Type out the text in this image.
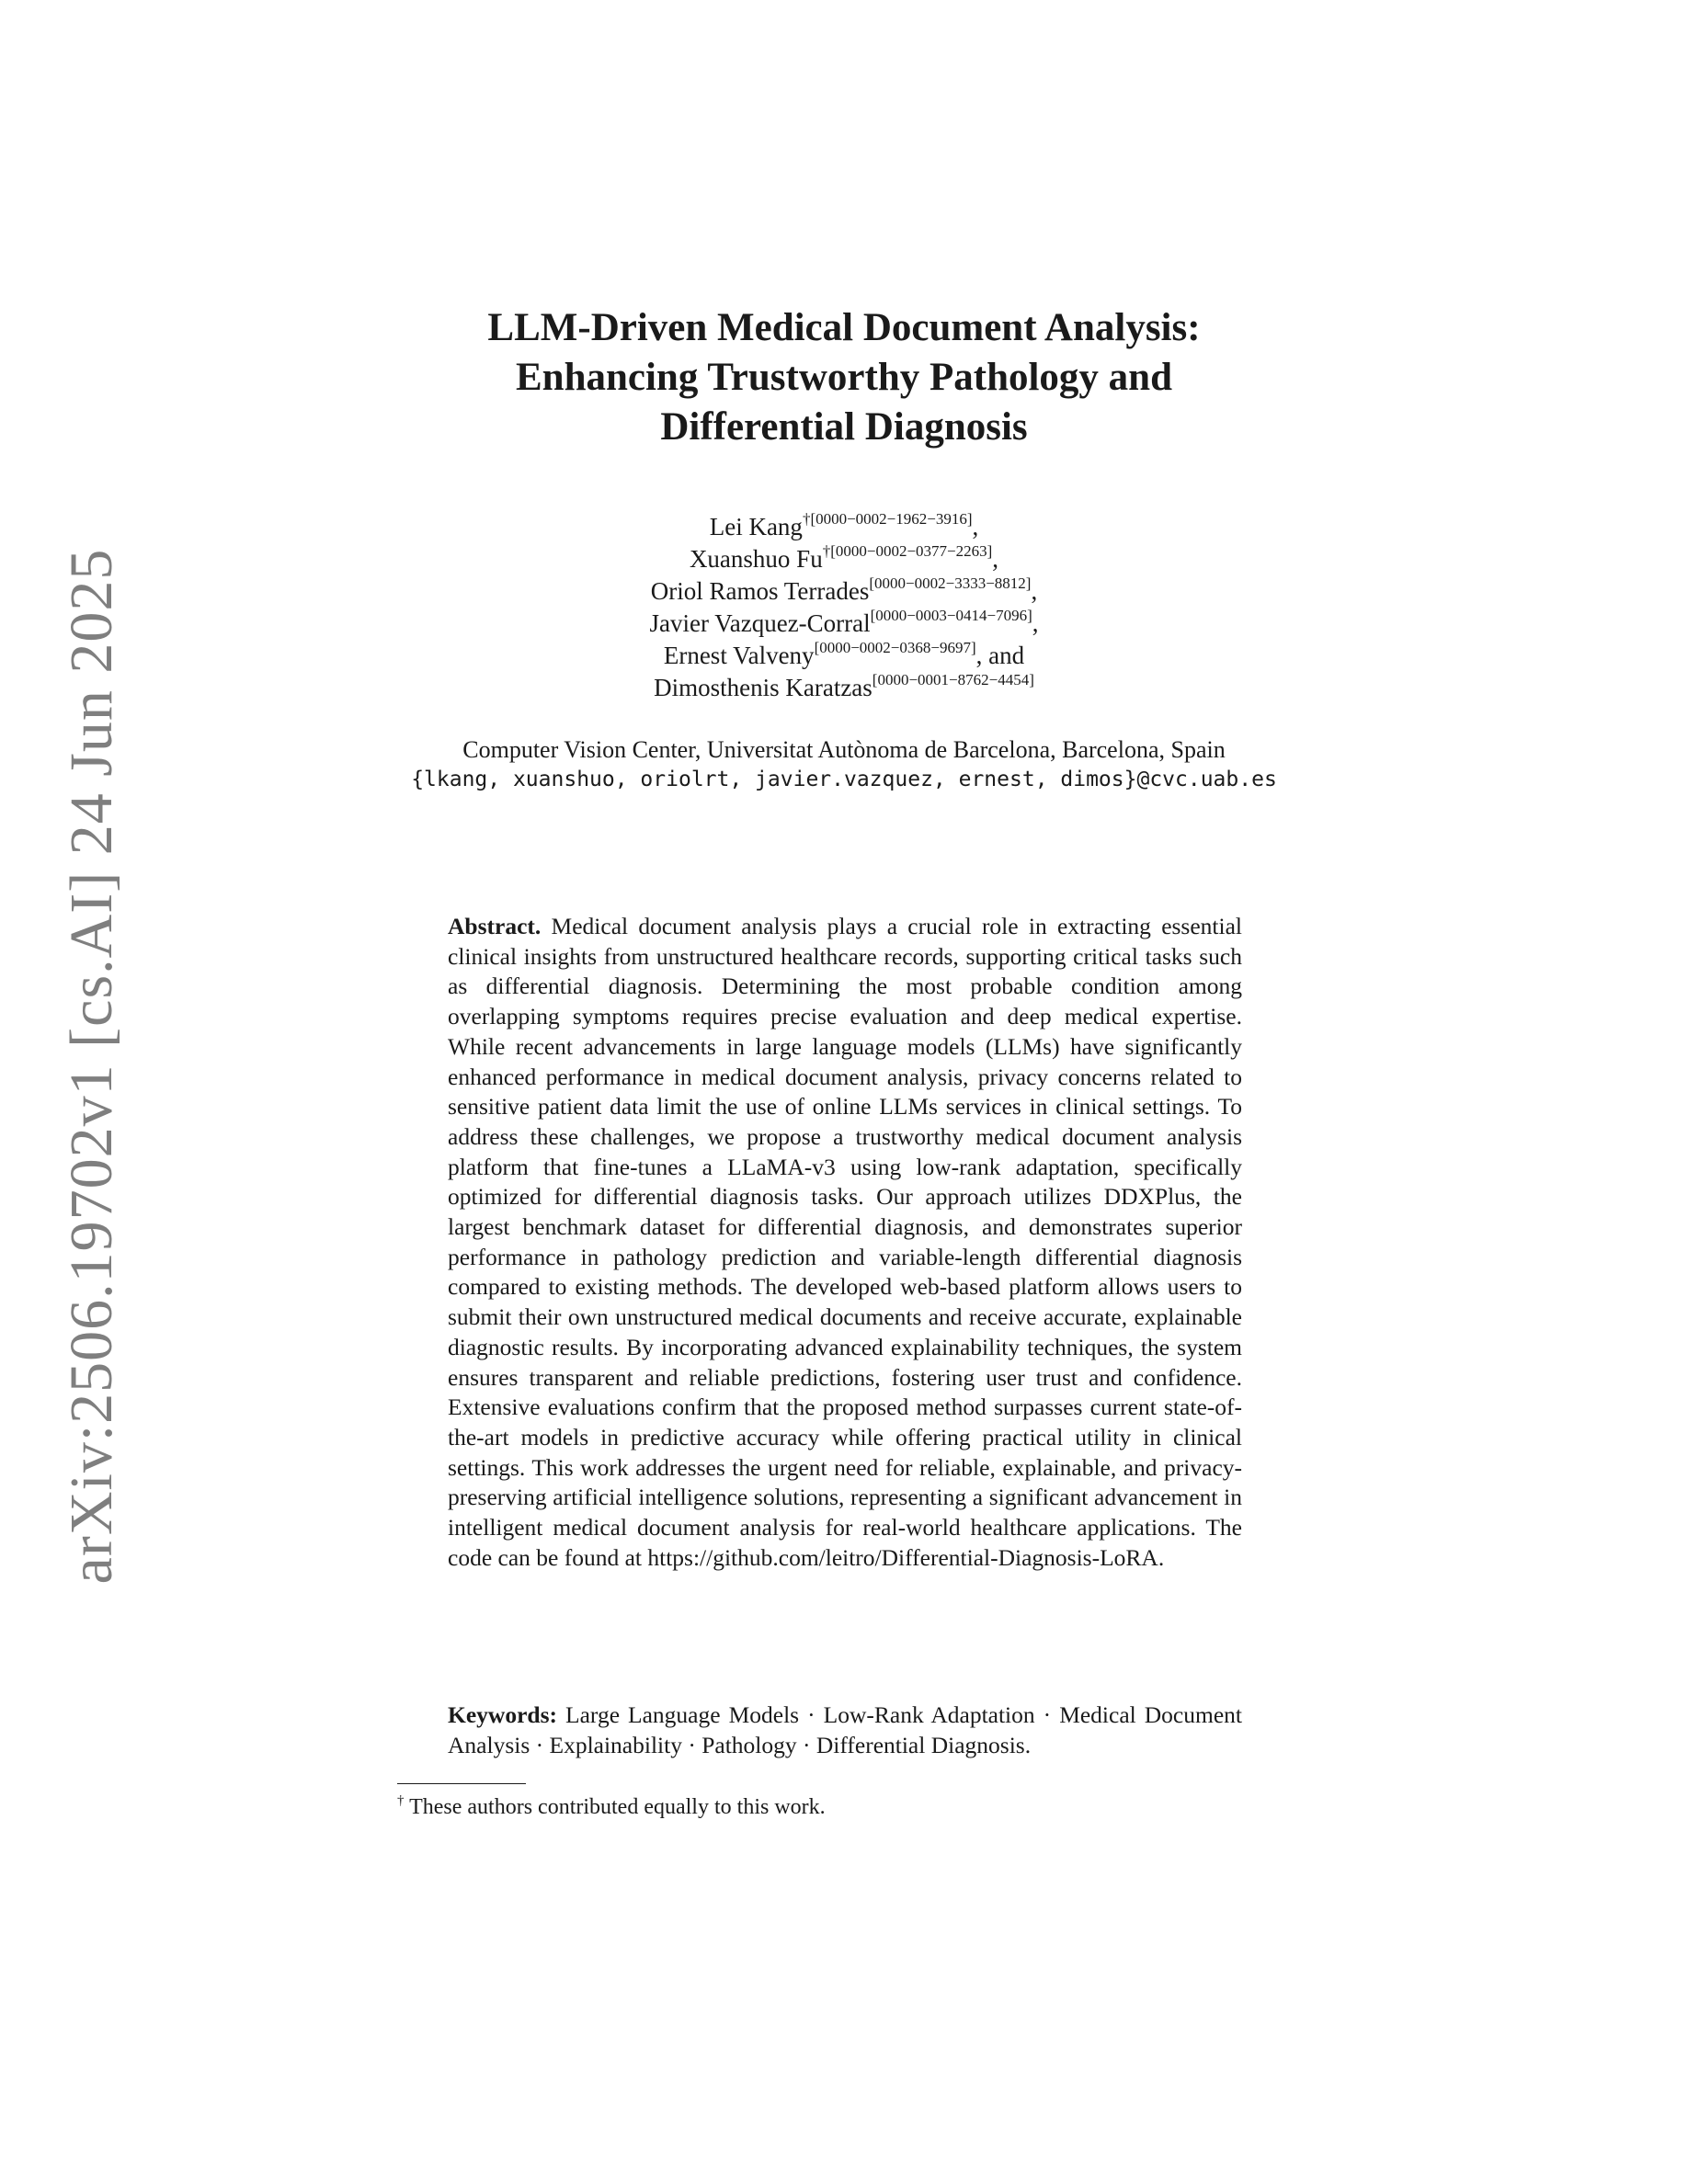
arXiv:2506.19702v1 [cs.AI] 24 Jun 2025
LLM-Driven Medical Document Analysis:
Enhancing Trustworthy Pathology and
Differential Diagnosis
Lei Kang$^{\dagger[0000-0002-1962-3916]}$,
Xuanshuo $Fu^{\dagger[0000-0002-0377-2263]}$,
Oriol Ramos Terrades[0000−0002−3333−8812],
Javier Vazquez-Corral[0000−0003−0414−7096],
Ernest Valveny[0000−0002−0368−9697], and
Dimosthenis Karatzas[0000−0001−8762−4454]
Computer Vision Center, Universitat Autònoma de Barcelona, Barcelona, Spain
{lkang, xuanshuo, oriolrt, javier.vazquez, ernest, dimos}@cvc.uab.es
Abstract. Medical document analysis plays a crucial role in extracting essential clinical insights from unstructured healthcare records, supporting critical tasks such as differential diagnosis. Determining the most probable condition among overlapping symptoms requires precise evaluation and deep medical expertise. While recent advancements in large language models (LLMs) have significantly enhanced performance in medical document analysis, privacy concerns related to sensitive patient data limit the use of online LLMs services in clinical settings. To address these challenges, we propose a trustworthy medical document analysis platform that fine-tunes a LLaMA-v3 using low-rank adaptation, specifically optimized for differential diagnosis tasks. Our approach utilizes DDXPlus, the largest benchmark dataset for differential diagnosis, and demonstrates superior performance in pathology prediction and variable-length differential diagnosis compared to existing methods. The developed web-based platform allows users to submit their own unstructured medical documents and receive accurate, explainable diagnostic results. By incorporating advanced explainability techniques, the system ensures transparent and reliable predictions, fostering user trust and confidence. Extensive evaluations confirm that the proposed method surpasses current state-of-the-art models in predictive accuracy while offering practical utility in clinical settings. This work addresses the urgent need for reliable, explainable, and privacy-preserving artificial intelligence solutions, representing a significant advancement in intelligent medical document analysis for real-world healthcare applications. The code can be found at https://github.com/leitro/Differential-Diagnosis-LoRA.
Keywords: Large Language Models · Low-Rank Adaptation · Medical Document Analysis · Explainability · Pathology · Differential Diagnosis.
† These authors contributed equally to this work.
